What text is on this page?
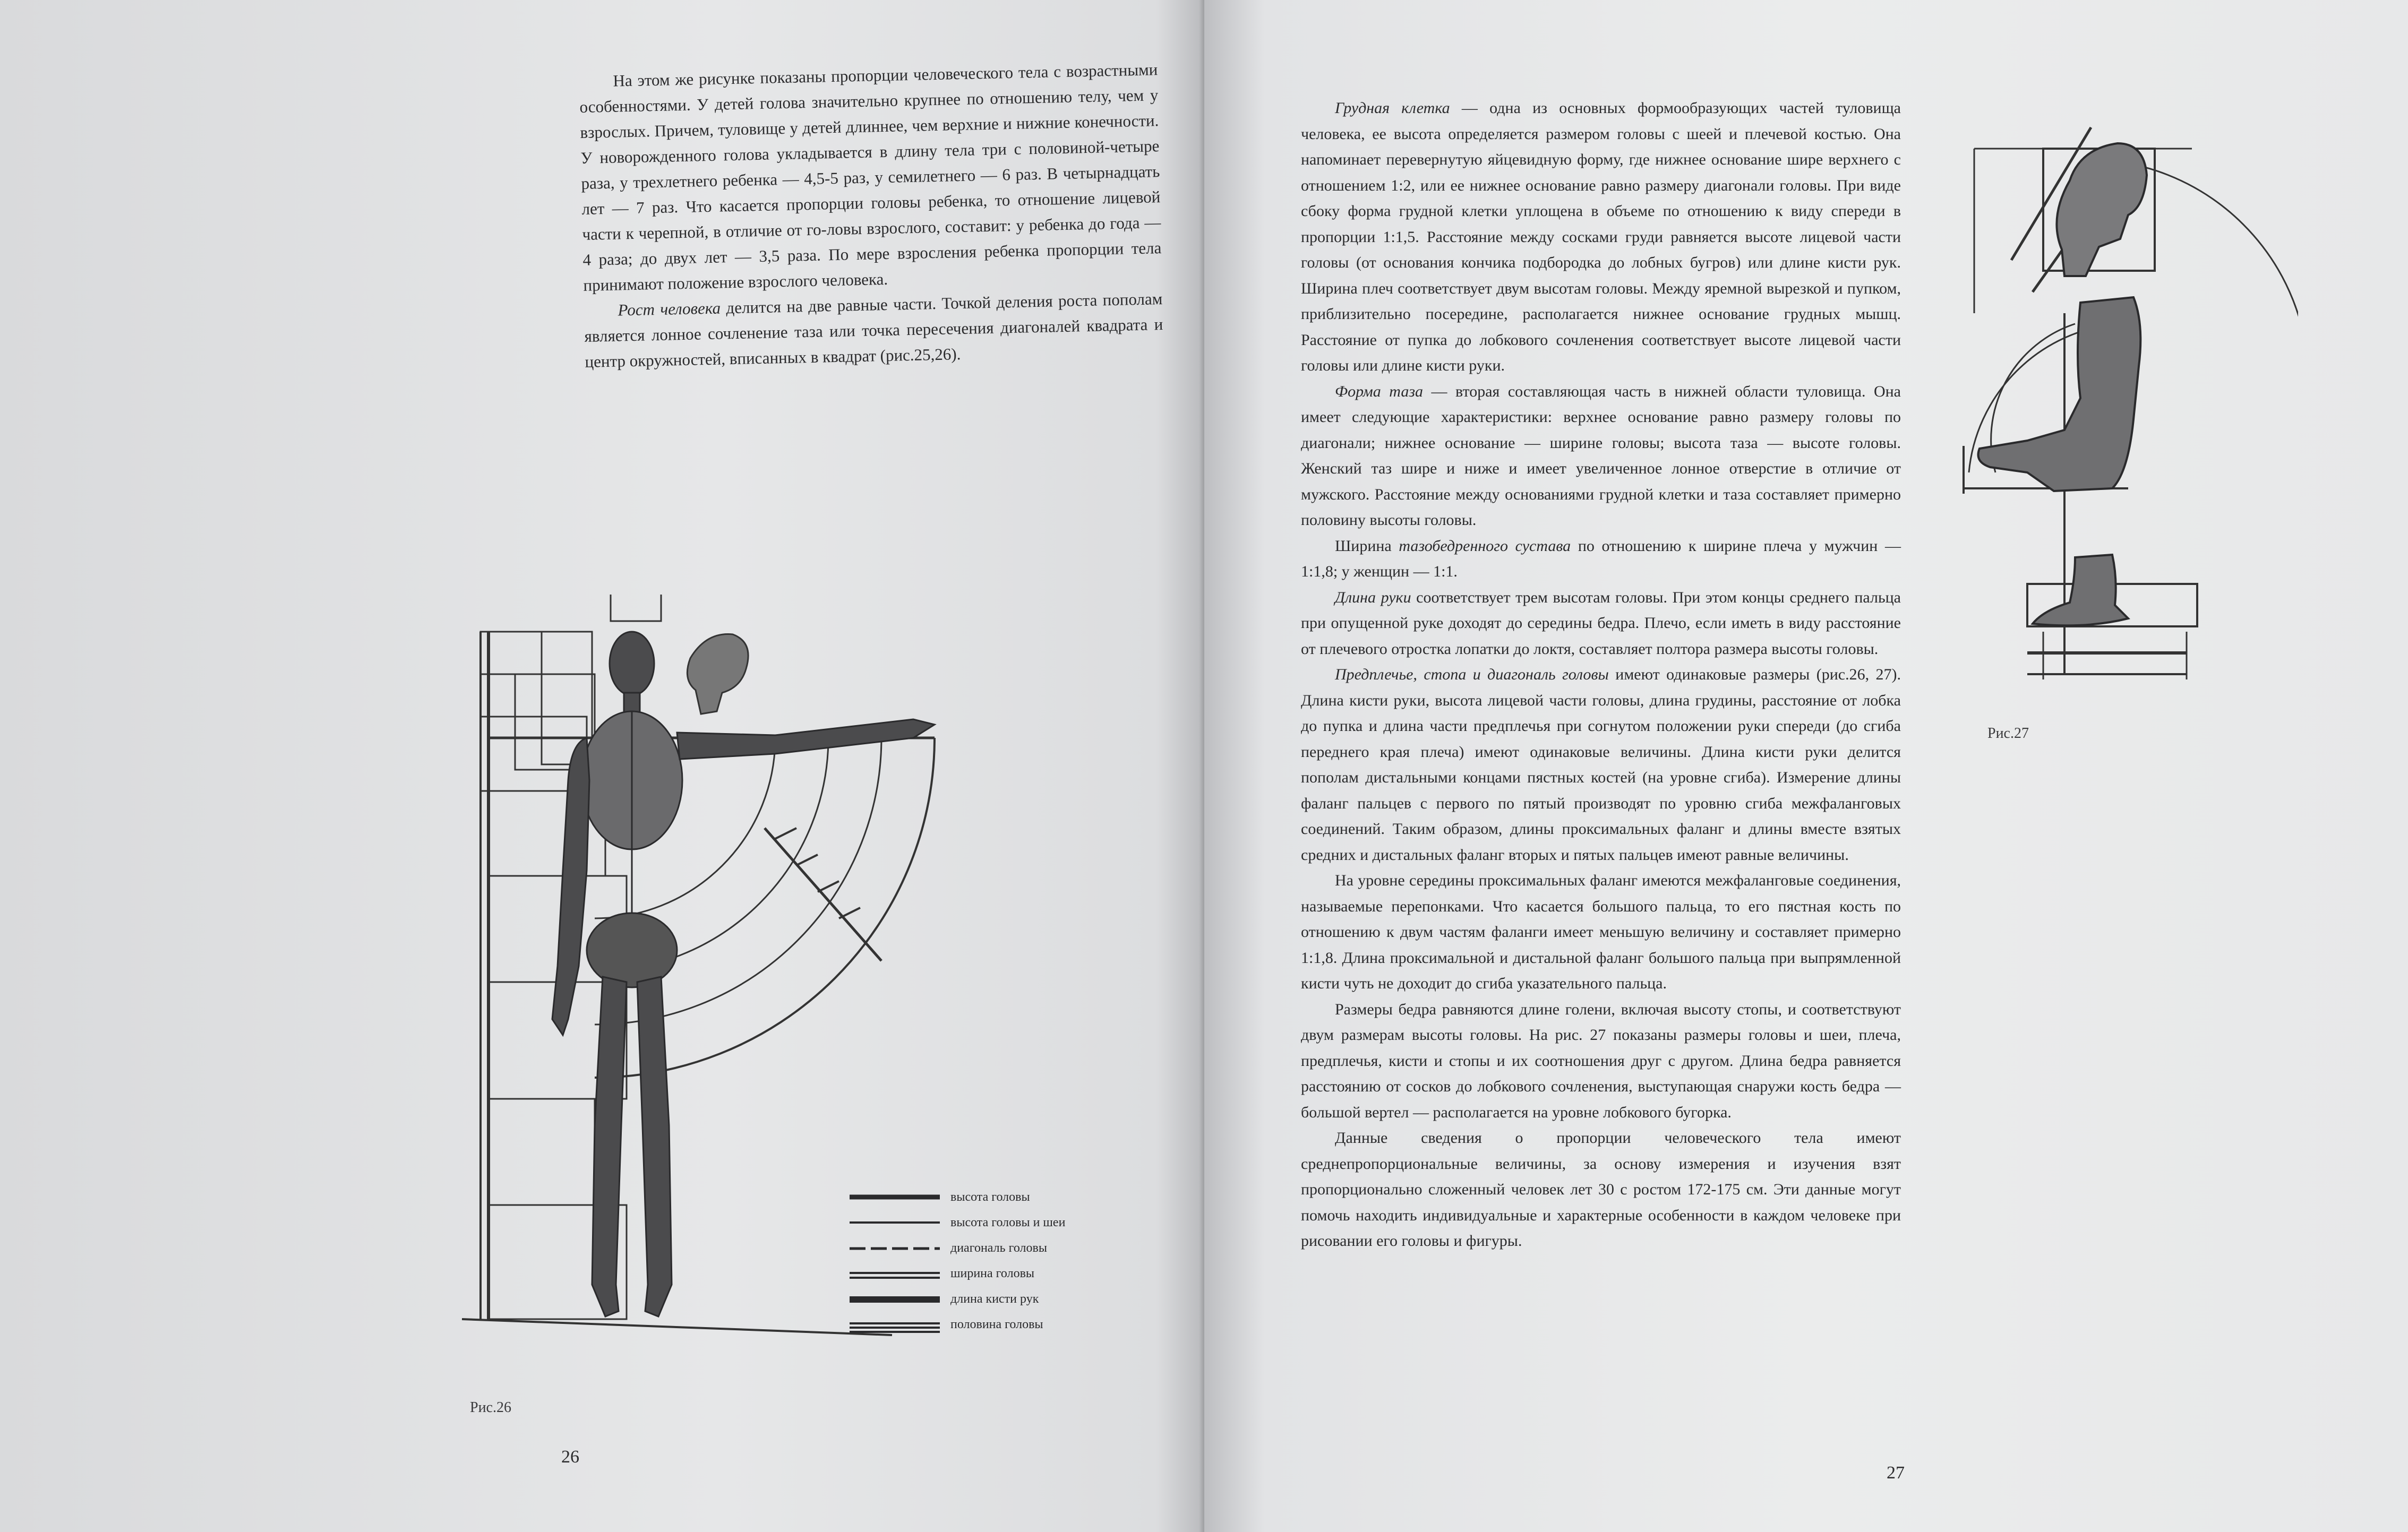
На этом же рисунке показаны пропорции человеческого тела с возрастными особенностями. У детей голова значительно крупнее по отношению телу, чем у взрослых. Причем, туловище у детей длиннее, чем верхние и нижние конечности. У новорожденного голова укладывается в длину тела три с половиной-четыре раза, у трехлетнего ребенка — 4,5-5 раз, у семилетнего — 6 раз. В четырнадцать лет — 7 раз. Что касается пропорции головы ребенка, то отношение лицевой части к черепной, в отличие от го-ловы взрослого, составит: у ребенка до года — 4 раза; до двух лет — 3,5 раза. По мере взросления ребенка пропорции тела принимают положение взрослого человека.

Рост человека делится на две равные части. Точкой деления роста пополам является лонное сочленение таза или точка пересечения диагоналей квадрата и центр окружностей, вписанных в квадрат (рис.25,26).

высота головы
высота головы и шеи
диагональ головы
ширина головы
длина кисти рук
половина головы
Рис.26
26

Грудная клетка — одна из основных формообразующих частей туловища человека, ее высота определяется размером головы с шеей и плечевой костью. Она напоминает перевернутую яйцевидную форму, где нижнее основание шире верхнего с отношением 1:2, или ее нижнее основание равно размеру диагонали головы. При виде сбоку форма грудной клетки уплощена в объеме по отношению к виду спереди в пропорции 1:1,5. Расстояние между сосками груди равняется высоте лицевой части головы (от основания кончика подбородка до лобных бугров) или длине кисти рук. Ширина плеч соответствует двум высотам головы. Между яремной вырезкой и пупком, приблизительно посередине, располагается нижнее основание грудных мышц. Расстояние от пупка до лобкового сочленения соответствует высоте лицевой части головы или длине кисти руки.

Форма таза — вторая составляющая часть в нижней области туловища. Она имеет следующие характеристики: верхнее основание равно размеру головы по диагонали; нижнее основание — ширине головы; высота таза — высоте головы. Женский таз шире и ниже и имеет увеличенное лонное отверстие в отличие от мужского. Расстояние между основаниями грудной клетки и таза составляет примерно половину высоты головы.

Ширина тазобедренного сустава по отношению к ширине плеча у мужчин — 1:1,8; у женщин — 1:1.

Длина руки соответствует трем высотам головы. При этом концы среднего пальца при опущенной руке доходят до середины бедра. Плечо, если иметь в виду расстояние от плечевого отростка лопатки до локтя, составляет полтора размера высоты головы.

Предплечье, стопа и диагональ головы имеют одинаковые размеры (рис.26, 27). Длина кисти руки, высота лицевой части головы, длина грудины, расстояние от лобка до пупка и длина части предплечья при согнутом положении руки спереди (до сгиба переднего края плеча) имеют одинаковые величины. Длина кисти руки делится пополам дистальными концами пястных костей (на уровне сгиба). Измерение длины фаланг пальцев с первого по пятый производят по уровню сгиба межфаланговых соединений. Таким образом, длины проксимальных фаланг и длины вместе взятых средних и дистальных фаланг вторых и пятых пальцев имеют равные величины.

На уровне середины проксимальных фаланг имеются межфаланговые соединения, называемые перепонками. Что касается большого пальца, то его пястная кость по отношению к двум частям фаланги имеет меньшую величину и составляет примерно 1:1,8. Длина проксимальной и дистальной фаланг большого пальца при выпрямленной кисти чуть не доходит до сгиба указательного пальца.

Размеры бедра равняются длине голени, включая высоту стопы, и соответствуют двум размерам высоты головы. На рис. 27 показаны размеры головы и шеи, плеча, предплечья, кисти и стопы и их соотношения друг с другом. Длина бедра равняется расстоянию от сосков до лобкового сочленения, выступающая снаружи кость бедра — большой вертел — располагается на уровне лобкового бугорка.

Данные сведения о пропорции человеческого тела имеют среднепропорциональные величины, за основу измерения и изучения взят пропорционально сложенный человек лет 30 с ростом 172-175 см. Эти данные могут помочь находить индивидуальные и характерные особенности в каждом человеке при рисовании его головы и фигуры.

Рис.27
27
